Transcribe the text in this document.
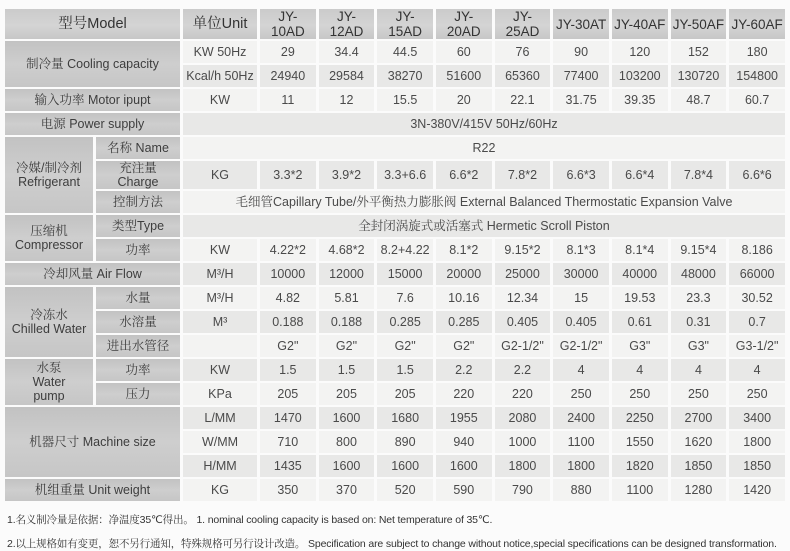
型号Model		单位Unit	JY-10AD	JY-12AD	JY-15AD	JY-20AD	JY-25AD	JY-30AT	JY-40AF	JY-50AF	JY-60AF
制冷量 Cooling capacity		KW 50Hz	29	34.4	44.5	60	76	90	120	152	180
		Kcal/h 50Hz	24940	29584	38270	51600	65360	77400	103200	130720	154800
输入功率 Motor ipupt		KW	11	12	15.5	20	22.1	31.75	39.35	48.7	60.7
电源 Power supply		3N-380V/415V 50Hz/60Hz									
冷媒/制冷剂
Refrigerant	名称 Name	R22									
	充注量 Charge	KG	3.3*2	3.9*2	3.3+6.6	6.6*2	7.8*2	6.6*3	6.6*4	7.8*4	6.6*6
	控制方法	毛细管Capillary Tube/外平衡热力膨胀阀 External Balanced Thermostatic Expansion Valve									
压缩机
Compressor	类型Type	全封闭涡旋式或活塞式 Hermetic Scroll Piston									
	功率	KW	4.22*2	4.68*2	8.2+4.22	8.1*2	9.15*2	8.1*3	8.1*4	9.15*4	8.186
冷却风量 Air Flow		M³/H	10000	12000	15000	20000	25000	30000	40000	48000	66000
冷冻水
Chilled Water	水量	M³/H	4.82	5.81	7.6	10.16	12.34	15	19.53	23.3	30.52
	水溶量	M³	0.188	0.188	0.285	0.285	0.405	0.405	0.61	0.31	0.7
	进出水管径		G2"	G2"	G2"	G2"	G2-1/2"	G2-1/2"	G3"	G3"	G3-1/2"
水泵
Water pump	功率	KW	1.5	1.5	1.5	2.2	2.2	4	4	4	4
	压力	KPa	205	205	205	220	220	250	250	250	250
机器尺寸 Machine size		L/MM	1470	1600	1680	1955	2080	2400	2250	2700	3400
		W/MM	710	800	890	940	1000	1100	1550	1620	1800
		H/MM	1435	1600	1600	1600	1800	1800	1820	1850	1850
机组重量 Unit weight		KG	350	370	520	590	790	880	1100	1280	1420
1.名义制冷量是依据：净温度35℃得出。 1. nominal cooling capacity is based on: Net temperature of 35℃.
2.以上规格如有变更，恕不另行通知，特殊规格可另行设计改造。 Specification are subject to change without notice,special specifications can be designed transformation.
